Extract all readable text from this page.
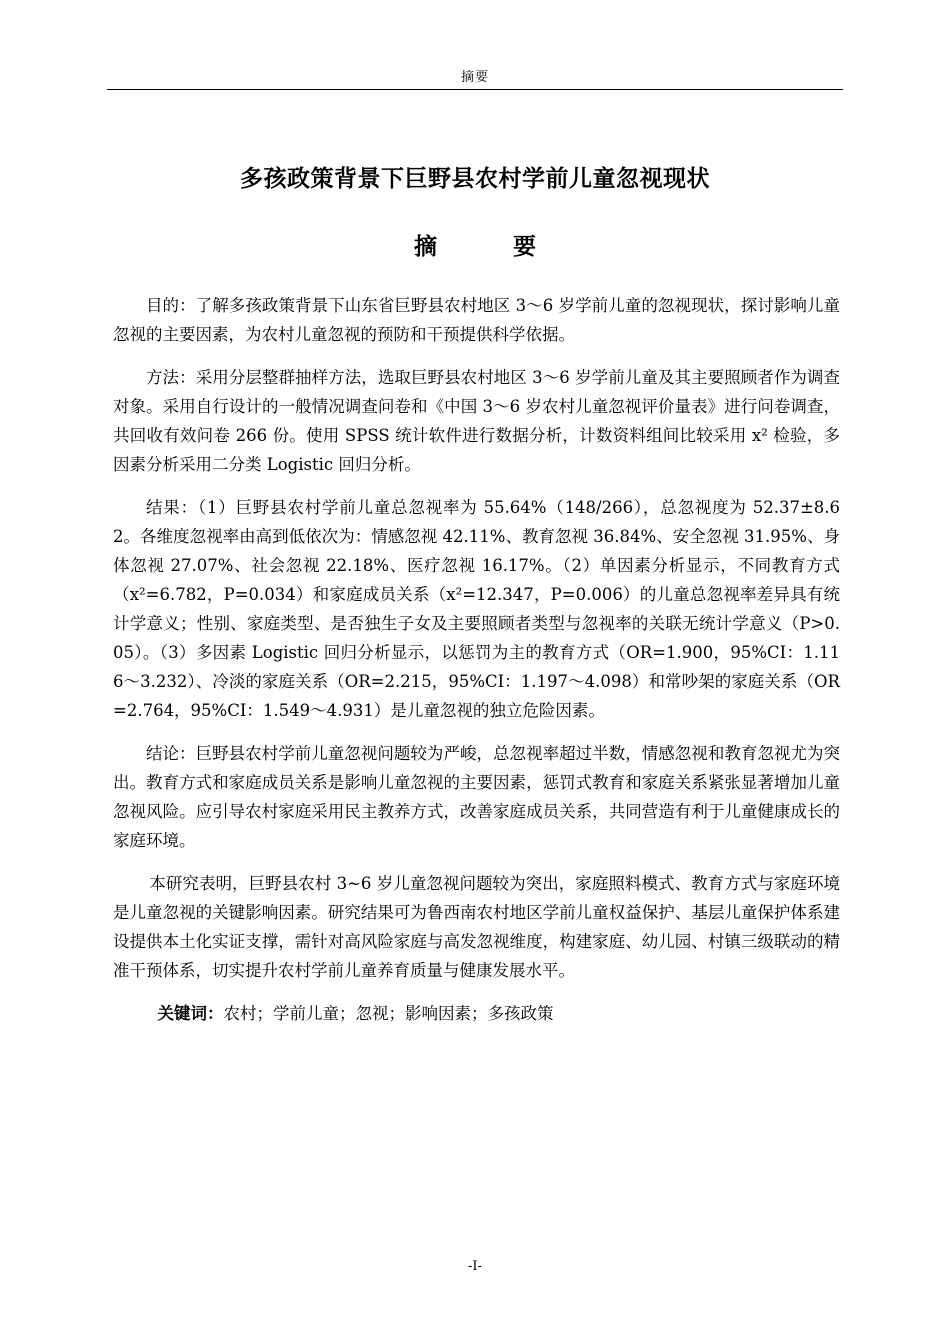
摘要
多孩政策背景下巨野县农村学前儿童忽视现状
摘 要

目的：了解多孩政策背景下山东省巨野县农村地区 3～6 岁学前儿童的忽视现状，探讨影响儿童忽视的主要因素，为农村儿童忽视的预防和干预提供科学依据。

方法：采用分层整群抽样方法，选取巨野县农村地区 3～6 岁学前儿童及其主要照顾者作为调查对象。采用自行设计的一般情况调查问卷和《中国 3～6 岁农村儿童忽视评价量表》进行问卷调查，共回收有效问卷 266 份。使用 SPSS 统计软件进行数据分析，计数资料组间比较采用 x² 检验，多因素分析采用二分类 Logistic 回归分析。

结果：（1）巨野县农村学前儿童总忽视率为 55.64%（148/266），总忽视度为 52.37±8.62。各维度忽视率由高到低依次为：情感忽视 42.11%、教育忽视 36.84%、安全忽视 31.95%、身体忽视 27.07%、社会忽视 22.18%、医疗忽视 16.17%。（2）单因素分析显示，不同教育方式（x²=6.782，P=0.034）和家庭成员关系（x²=12.347，P=0.006）的儿童总忽视率差异具有统计学意义；性别、家庭类型、是否独生子女及主要照顾者类型与忽视率的关联无统计学意义（P>0.05）。（3）多因素 Logistic 回归分析显示，以惩罚为主的教育方式（OR=1.900，95%CI：1.116～3.232）、冷淡的家庭关系（OR=2.215，95%CI：1.197～4.098）和常吵架的家庭关系（OR=2.764，95%CI：1.549～4.931）是儿童忽视的独立危险因素。

结论：巨野县农村学前儿童忽视问题较为严峻，总忽视率超过半数，情感忽视和教育忽视尤为突出。教育方式和家庭成员关系是影响儿童忽视的主要因素，惩罚式教育和家庭关系紧张显著增加儿童忽视风险。应引导农村家庭采用民主教养方式，改善家庭成员关系，共同营造有利于儿童健康成长的家庭环境。

本研究表明，巨野县农村 3~6 岁儿童忽视问题较为突出，家庭照料模式、教育方式与家庭环境是儿童忽视的关键影响因素。研究结果可为鲁西南农村地区学前儿童权益保护、基层儿童保护体系建设提供本土化实证支撑，需针对高风险家庭与高发忽视维度，构建家庭、幼儿园、村镇三级联动的精准干预体系，切实提升农村学前儿童养育质量与健康发展水平。

关键词：农村；学前儿童；忽视；影响因素；多孩政策

-I-
